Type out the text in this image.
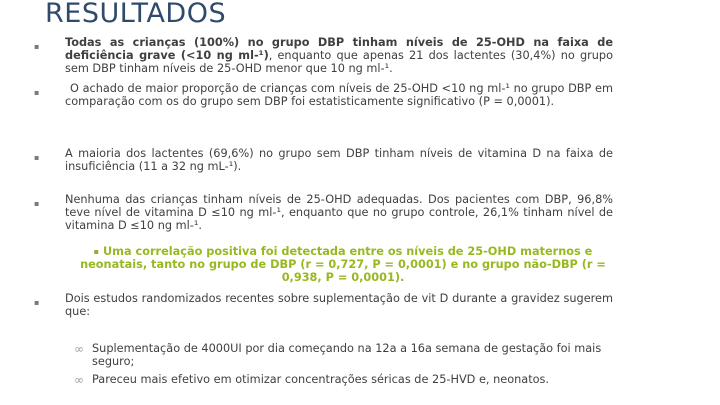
RESULTADOS
▪ Todas as crianças (100%) no grupo DBP tinham níveis de 25-OHD na faixa de deficiência grave (<10 ng ml-¹), enquanto que apenas 21 dos lactentes (30,4%) no grupo sem DBP tinham níveis de 25-OHD menor que 10 ng ml-¹.
▪	O achado de maior proporção de crianças com níveis de 25-OHD <10 ng ml-¹ no grupo DBP em comparação com os do grupo sem DBP foi estatisticamente significativo (P = 0,0001).
▪ A maioria dos lactentes (69,6%) no grupo sem DBP tinham níveis de vitamina D na faixa de insuficiência (11 a 32 ng mL-¹).
▪ Nenhuma das crianças tinham níveis de 25-OHD adequadas. Dos pacientes com DBP, 96,8% teve nível de vitamina D ≤10 ng ml-¹, enquanto que no grupo controle, 26,1% tinham nível de vitamina D ≤10 ng ml-¹.
▪ Uma correlação positiva foi detectada entre os níveis de 25-OHD maternos e neonatais, tanto no grupo de DBP (r = 0,727, P = 0,0001) e no grupo não-DBP (r = 0,938, P = 0,0001).
▪ Dois estudos randomizados recentes sobre suplementação de vit D durante a gravidez sugerem que:
∞ Suplementação de 4000UI por dia começando na 12a a 16a semana de gestação foi mais seguro;
∞ Pareceu mais efetivo em otimizar concentrações séricas de 25-HVD e, neonatos.
